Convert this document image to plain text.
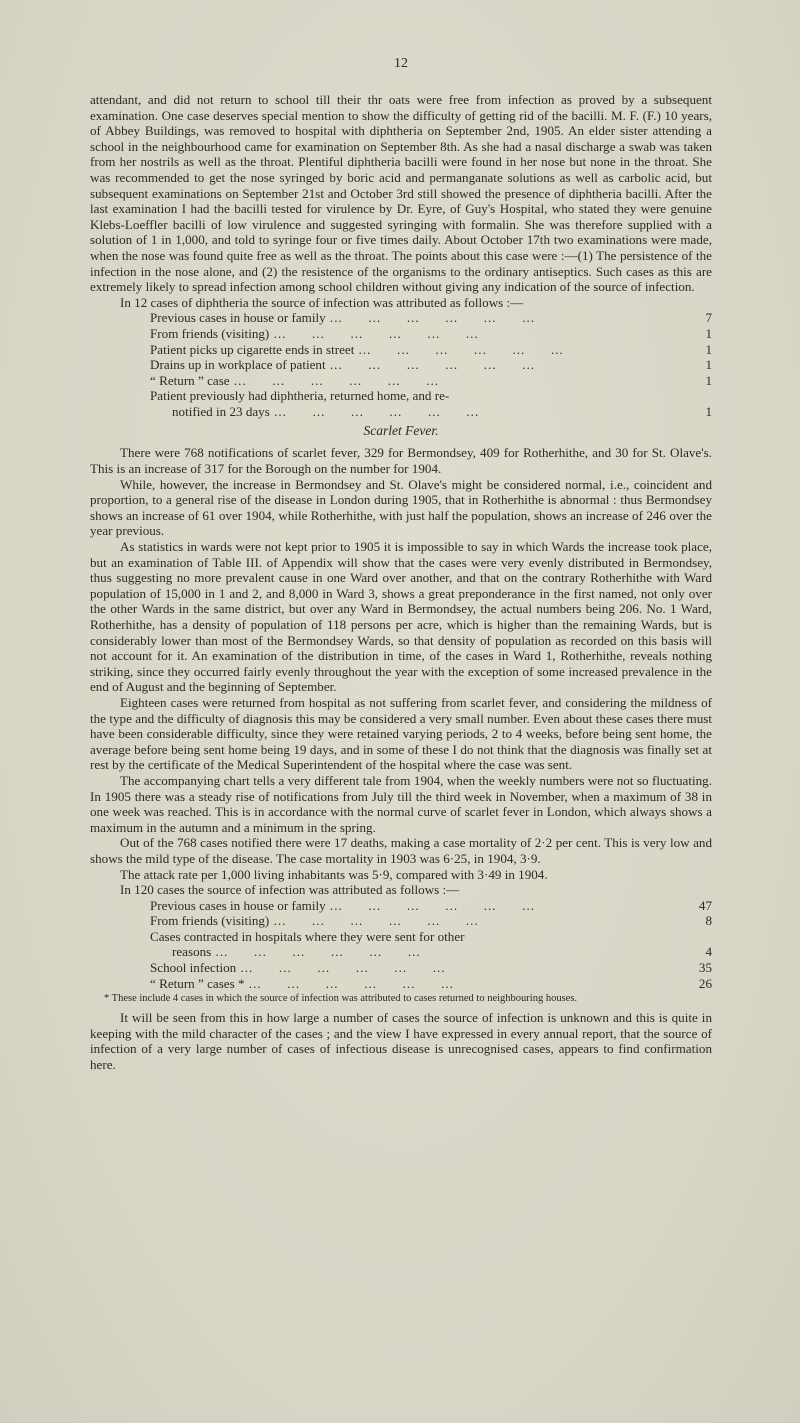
12

attendant, and did not return to school till their thr oats were free from infection as proved by a subsequent examination. One case deserves special mention to show the difficulty of getting rid of the bacilli. M. F. (F.) 10 years, of Abbey Buildings, was removed to hospital with diphtheria on September 2nd, 1905. An elder sister attending a school in the neighbourhood came for examination on September 8th. As she had a nasal discharge a swab was taken from her nostrils as well as the throat. Plentiful diphtheria bacilli were found in her nose but none in the throat. She was recommended to get the nose syringed by boric acid and permanganate solutions as well as carbolic acid, but subsequent examinations on September 21st and October 3rd still showed the presence of diphtheria bacilli. After the last examination I had the bacilli tested for virulence by Dr. Eyre, of Guy's Hospital, who stated they were genuine Klebs-Loeffler bacilli of low virulence and suggested syringing with formalin. She was therefore supplied with a solution of 1 in 1,000, and told to syringe four or five times daily. About October 17th two examinations were made, when the nose was found quite free as well as the throat. The points about this case were :—(1) The persistence of the infection in the nose alone, and (2) the resistence of the organisms to the ordinary antiseptics. Such cases as this are extremely likely to spread infection among school children without giving any indication of the source of infection.

In 12 cases of diphtheria the source of infection was attributed as follows :—

Previous cases in house or family ...	7
From friends (visiting) ...	1
Patient picks up cigarette ends in street ...	1
Drains up in workplace of patient ...	1
“ Return ” case ...	1
Patient previously had diphtheria, returned home, and re-
notified in 23 days ...	1
Scarlet Fever.

There were 768 notifications of scarlet fever, 329 for Bermondsey, 409 for Rotherhithe, and 30 for St. Olave's. This is an increase of 317 for the Borough on the number for 1904.

While, however, the increase in Bermondsey and St. Olave's might be considered normal, i.e., coincident and proportion, to a general rise of the disease in London during 1905, that in Rotherhithe is abnormal : thus Bermondsey shows an increase of 61 over 1904, while Rotherhithe, with just half the population, shows an increase of 246 over the year previous.

As statistics in wards were not kept prior to 1905 it is impossible to say in which Wards the increase took place, but an examination of Table III. of Appendix will show that the cases were very evenly distributed in Bermondsey, thus suggesting no more prevalent cause in one Ward over another, and that on the contrary Rotherhithe with Ward population of 15,000 in 1 and 2, and 8,000 in Ward 3, shows a great preponderance in the first named, not only over the other Wards in the same district, but over any Ward in Bermondsey, the actual numbers being 206. No. 1 Ward, Rotherhithe, has a density of population of 118 persons per acre, which is higher than the remaining Wards, but is considerably lower than most of the Bermondsey Wards, so that density of population as recorded on this basis will not account for it. An examination of the distribution in time, of the cases in Ward 1, Rotherhithe, reveals nothing striking, since they occurred fairly evenly throughout the year with the exception of some increased prevalence in the end of August and the beginning of September.

Eighteen cases were returned from hospital as not suffering from scarlet fever, and considering the mildness of the type and the difficulty of diagnosis this may be considered a very small number. Even about these cases there must have been considerable difficulty, since they were retained varying periods, 2 to 4 weeks, before being sent home, the average before being sent home being 19 days, and in some of these I do not think that the diagnosis was finally set at rest by the certificate of the Medical Superintendent of the hospital where the case was sent.

The accompanying chart tells a very different tale from 1904, when the weekly numbers were not so fluctuating. In 1905 there was a steady rise of notifications from July till the third week in November, when a maximum of 38 in one week was reached. This is in accordance with the normal curve of scarlet fever in London, which always shows a maximum in the autumn and a minimum in the spring.

Out of the 768 cases notified there were 17 deaths, making a case mortality of 2·2 per cent. This is very low and shows the mild type of the disease. The case mortality in 1903 was 6·25, in 1904, 3·9.

The attack rate per 1,000 living inhabitants was 5·9, compared with 3·49 in 1904.

In 120 cases the source of infection was attributed as follows :—

Previous cases in house or family ...	47
From friends (visiting) ...	8
Cases contracted in hospitals where they were sent for other
reasons ...	4
School infection ...	35
“ Return ” cases * ...	26
* These include 4 cases in which the source of infection was attributed to cases returned to neighbouring houses.

It will be seen from this in how large a number of cases the source of infection is unknown and this is quite in keeping with the mild character of the cases ; and the view I have expressed in every annual report, that the source of infection of a very large number of cases of infectious disease is unrecognised cases, appears to find confirmation here.
